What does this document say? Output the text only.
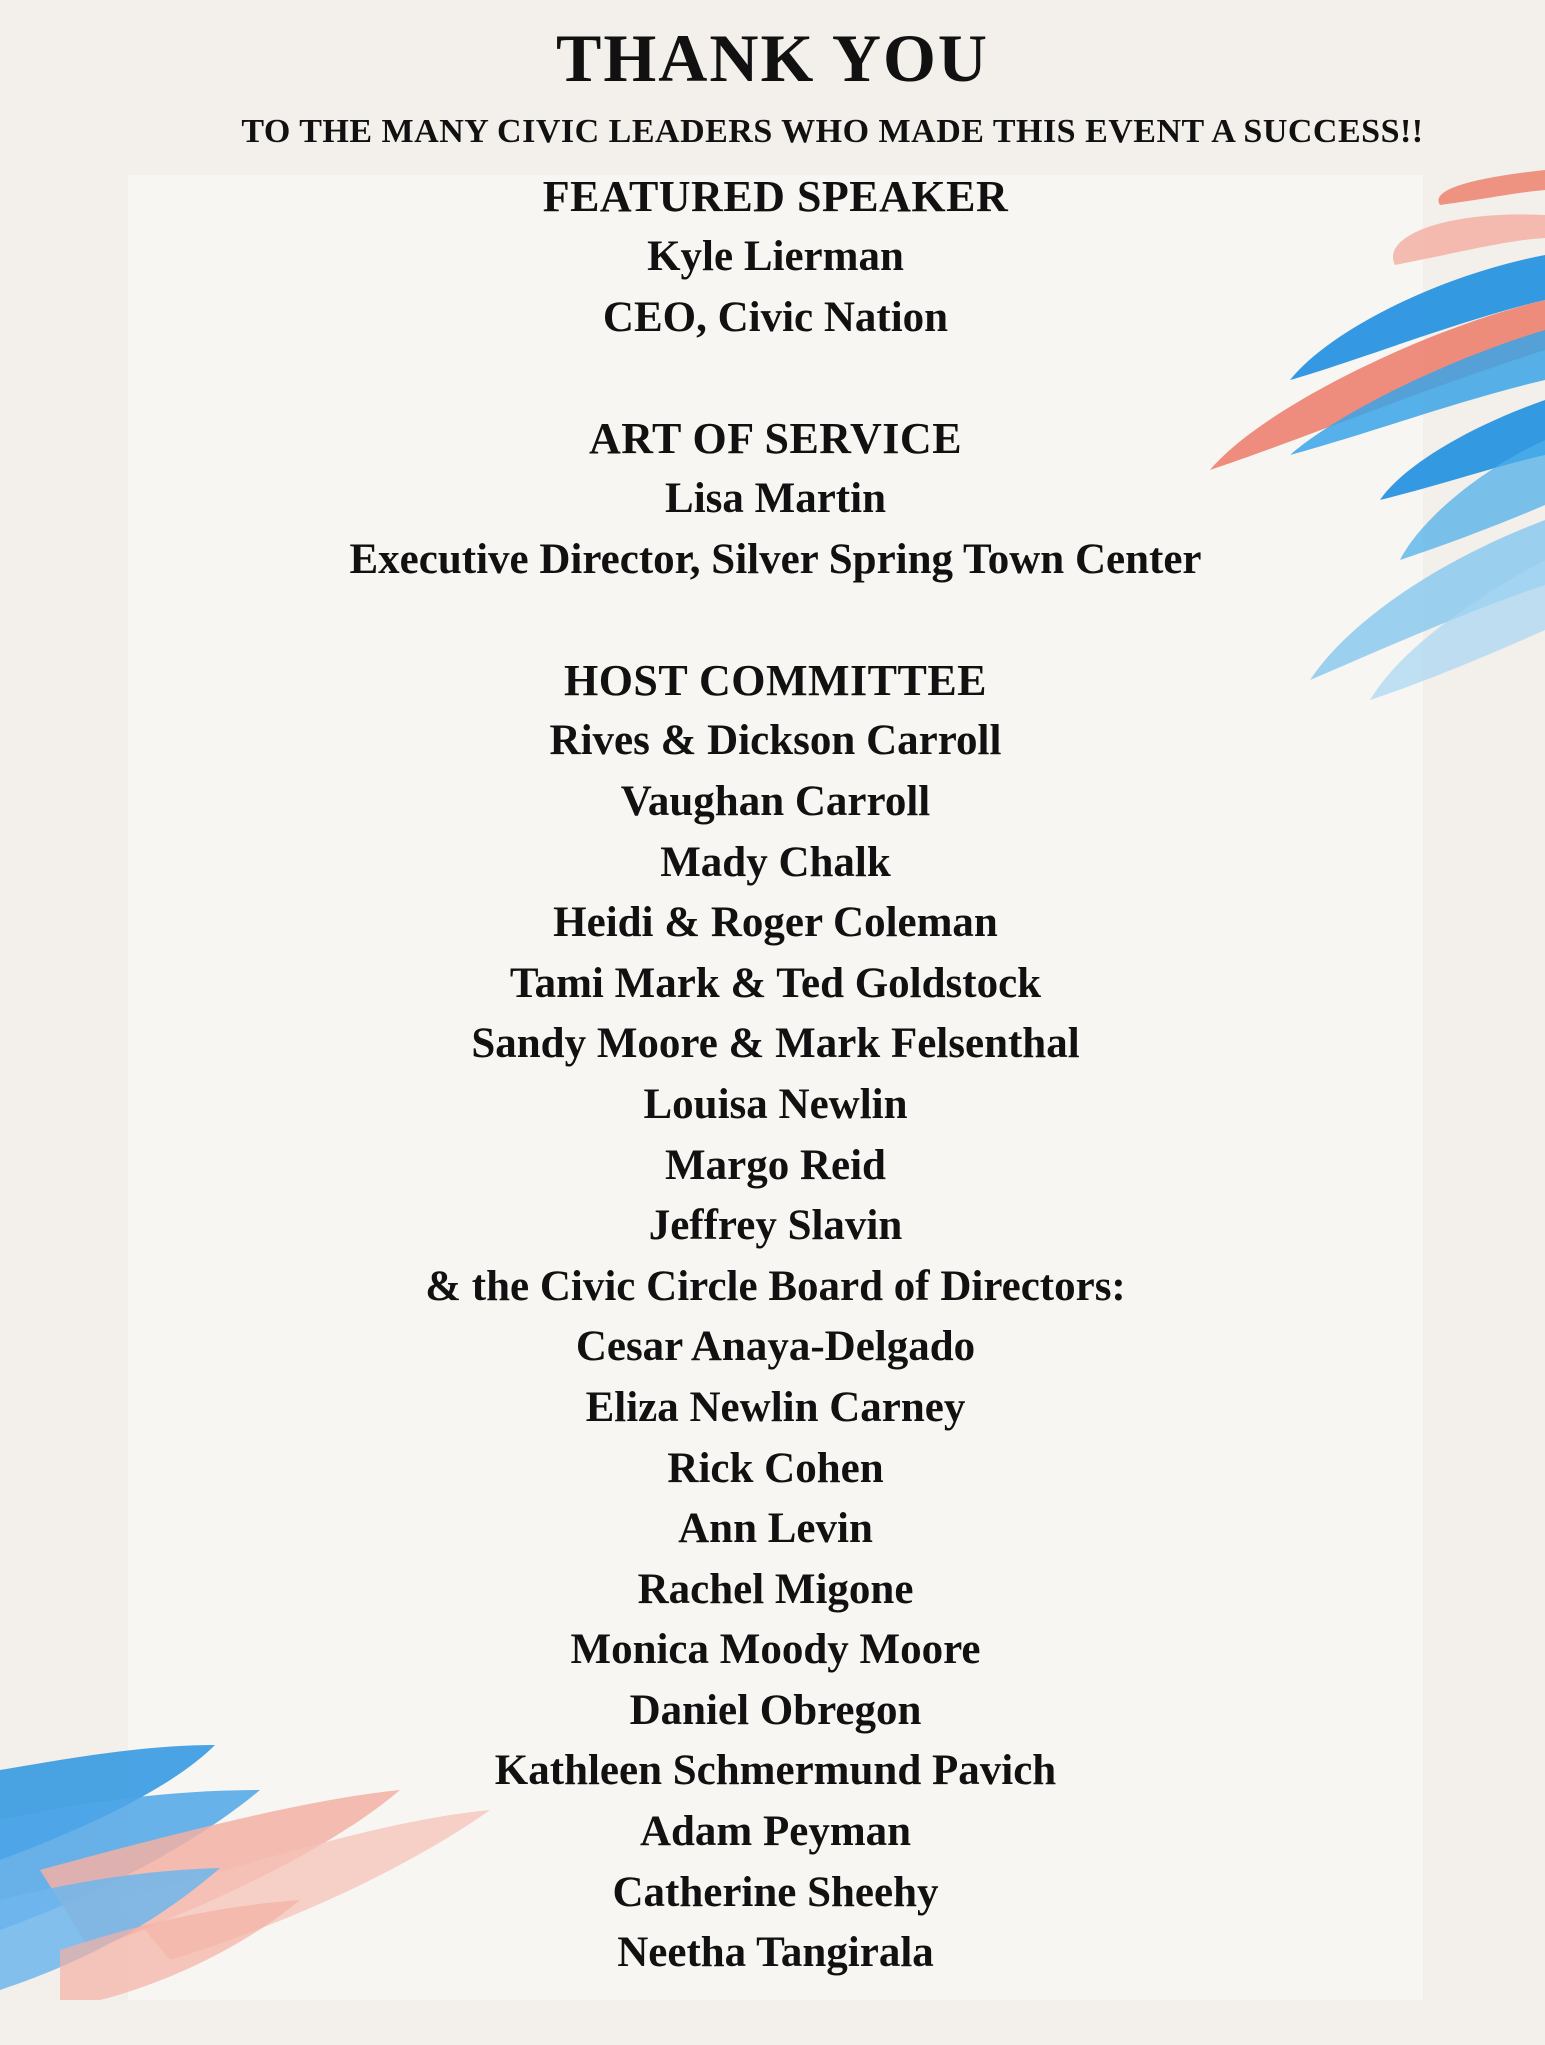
THANK YOU
TO THE MANY CIVIC LEADERS WHO MADE THIS EVENT A SUCCESS!!
FEATURED SPEAKER
Kyle Lierman
CEO, Civic Nation
ART OF SERVICE
Lisa Martin
Executive Director, Silver Spring Town Center
HOST COMMITTEE
Rives & Dickson Carroll
Vaughan Carroll
Mady Chalk
Heidi & Roger Coleman
Tami Mark & Ted Goldstock
Sandy Moore & Mark Felsenthal
Louisa Newlin
Margo Reid
Jeffrey Slavin
& the Civic Circle Board of Directors:
Cesar Anaya-Delgado
Eliza Newlin Carney
Rick Cohen
Ann Levin
Rachel Migone
Monica Moody Moore
Daniel Obregon
Kathleen Schmermund Pavich
Adam Peyman
Catherine Sheehy
Neetha Tangirala
